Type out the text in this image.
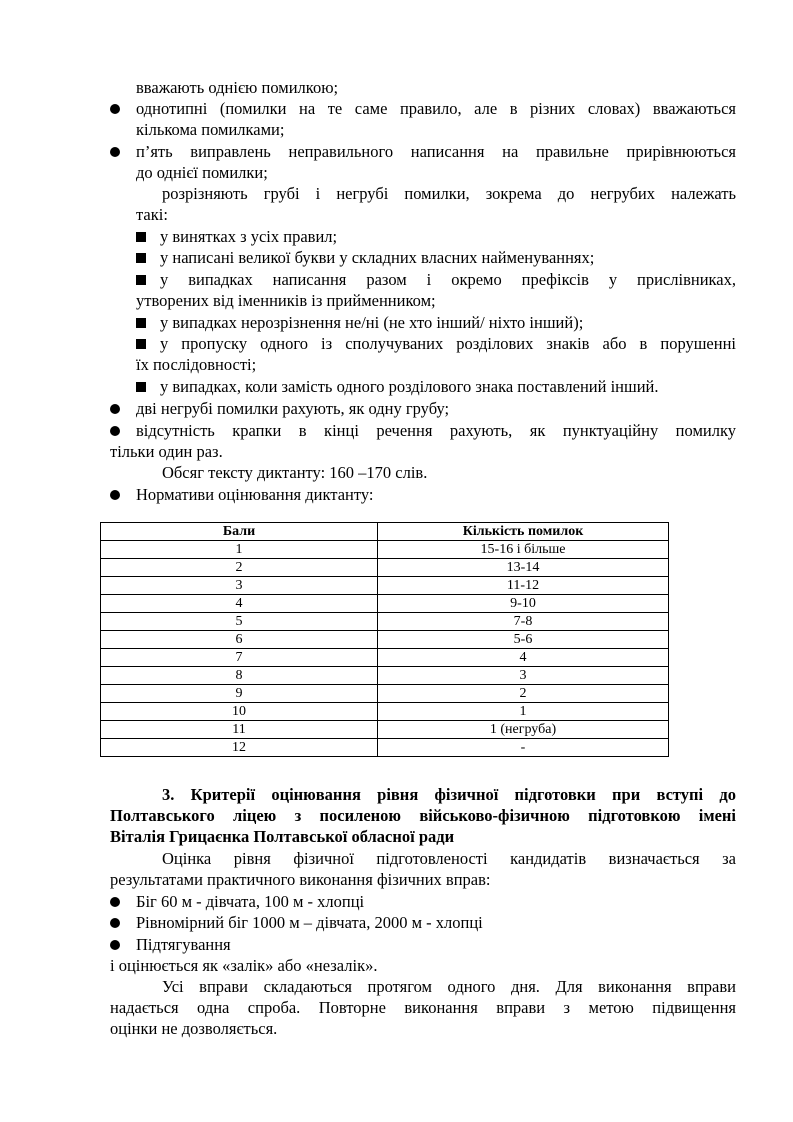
вважають однією помилкою;
однотипні (помилки на те саме правило, але в різних словах) вважаються
кількома помилками;
п’ять виправлень неправильного написання на правильне прирівнюються
до однієї помилки;
розрізняють грубі і негрубі помилки, зокрема до негрубих належать
такі:
у винятках з усіх правил;
у написані великої букви у складних власних найменуваннях;
у випадках написання разом і окремо префіксів у прислівниках,
утворених від іменників із прийменником;
у випадках нерозрізнення не/ні (не хто інший/ ніхто інший);
у пропуску одного із сполучуваних розділових знаків або в порушенні
їх послідовності;
у випадках, коли замість одного розділового знака поставлений інший.
дві негрубі помилки рахують, як одну грубу;
відсутність крапки в кінці речення рахують, як пунктуаційну помилку
тільки один раз.
Обсяг тексту диктанту: 160 –170 слів.
Нормативи оцінювання диктанту:
Бали	Кількість помилок
1	15-16 і більше
2	13-14
3	11-12
4	9-10
5	7-8
6	5-6
7	4
8	3
9	2
10	1
11	1 (негруба)
12	-
3. Критерії оцінювання рівня фізичної підготовки при вступі до
Полтавського ліцею з посиленою військово-фізичною підготовкою імені
Віталія Грицаєнка Полтавської обласної ради
Оцінка рівня фізичної підготовленості кандидатів визначається за
результатами практичного виконання фізичних вправ:
Біг 60 м - дівчата, 100 м - хлопці
Рівномірний біг 1000 м – дівчата, 2000 м - хлопці
Підтягування
і оцінюється як «залік» або «незалік».
Усі вправи складаються протягом одного дня. Для виконання вправи
надається одна спроба. Повторне виконання вправи з метою підвищення
оцінки не дозволяється.
